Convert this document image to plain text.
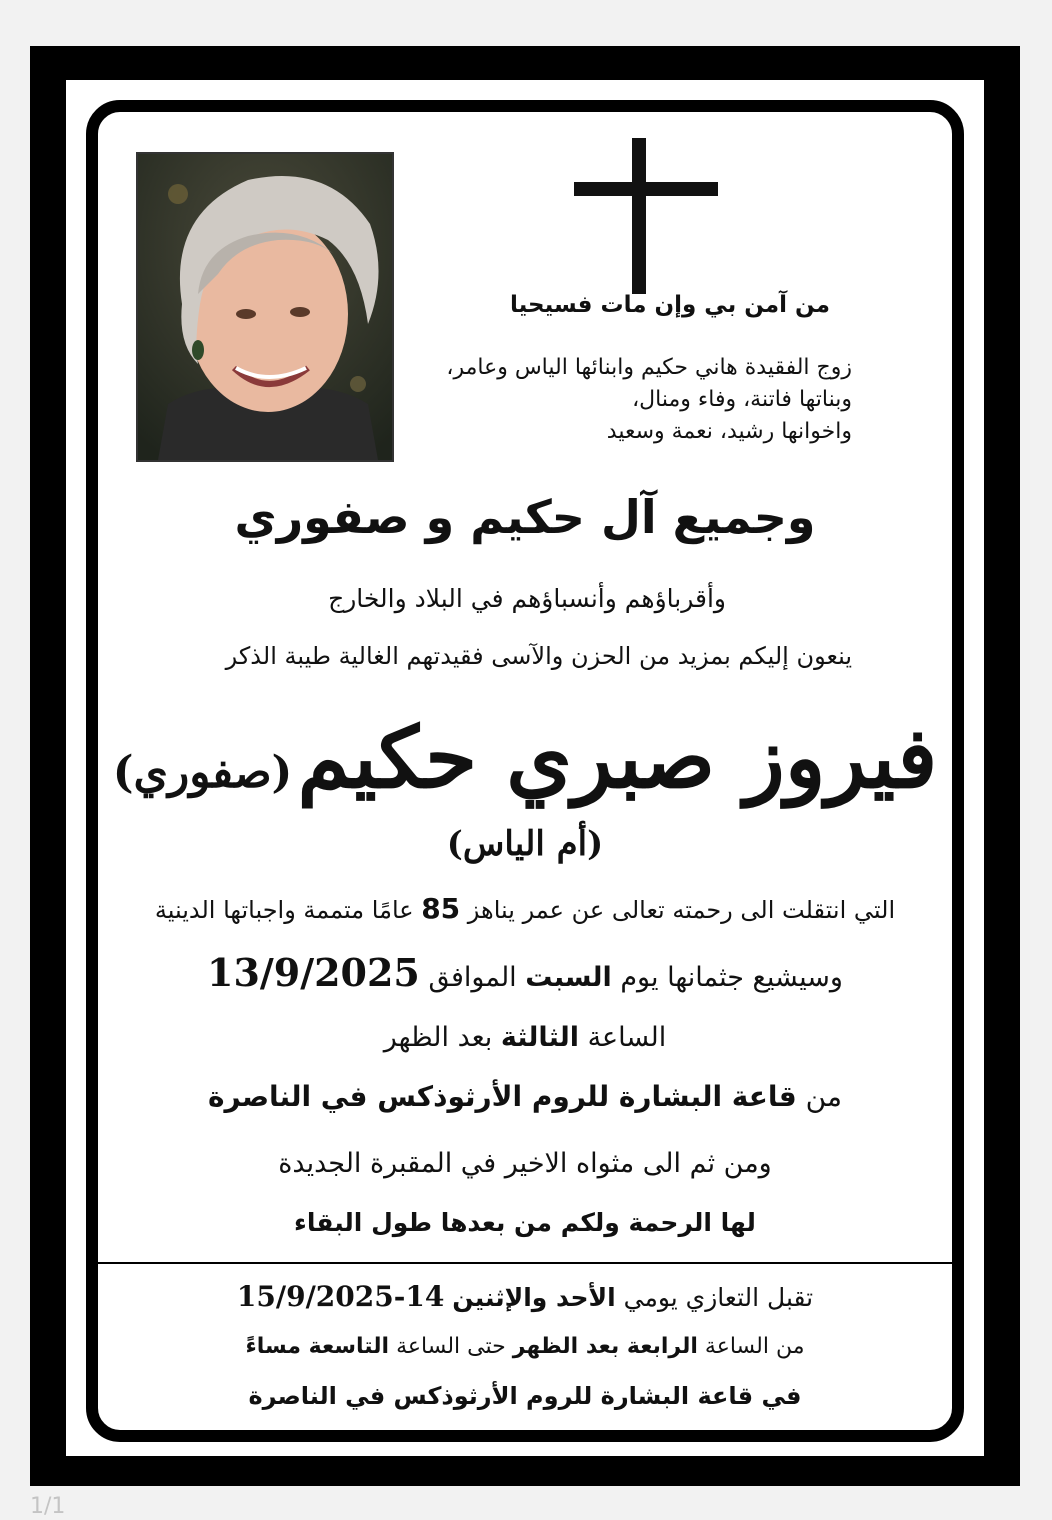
من آمن بي وإن مات فسيحيا
زوج الفقيدة هاني حكيم وابنائها الياس وعامر،
وبناتها فاتنة، وفاء ومنال،
واخوانها رشيد، نعمة وسعيد
وجميع آل حكيم و صفوري
وأقرباؤهم وأنسباؤهم في البلاد والخارج
ينعون إليكم بمزيد من الحزن والآسى فقيدتهم الغالية طيبة الذكر
فيروز صبري حكيم (صفوري)
(أم الياس)
التي انتقلت الى رحمته تعالى عن عمر يناهز 85 عامًا متممة واجباتها الدينية
وسيشيع جثمانها يوم السبت الموافق 13/9/2025
الساعة الثالثة بعد الظهر
من قاعة البشارة للروم الأرثوذكس في الناصرة
ومن ثم الى مثواه الاخير في المقبرة الجديدة
لها الرحمة ولكم من بعدها طول البقاء
تقبل التعازي يومي الأحد والإثنين 14-15/9/2025
من الساعة الرابعة بعد الظهر حتى الساعة التاسعة مساءً
في قاعة البشارة للروم الأرثوذكس في الناصرة
1/1
